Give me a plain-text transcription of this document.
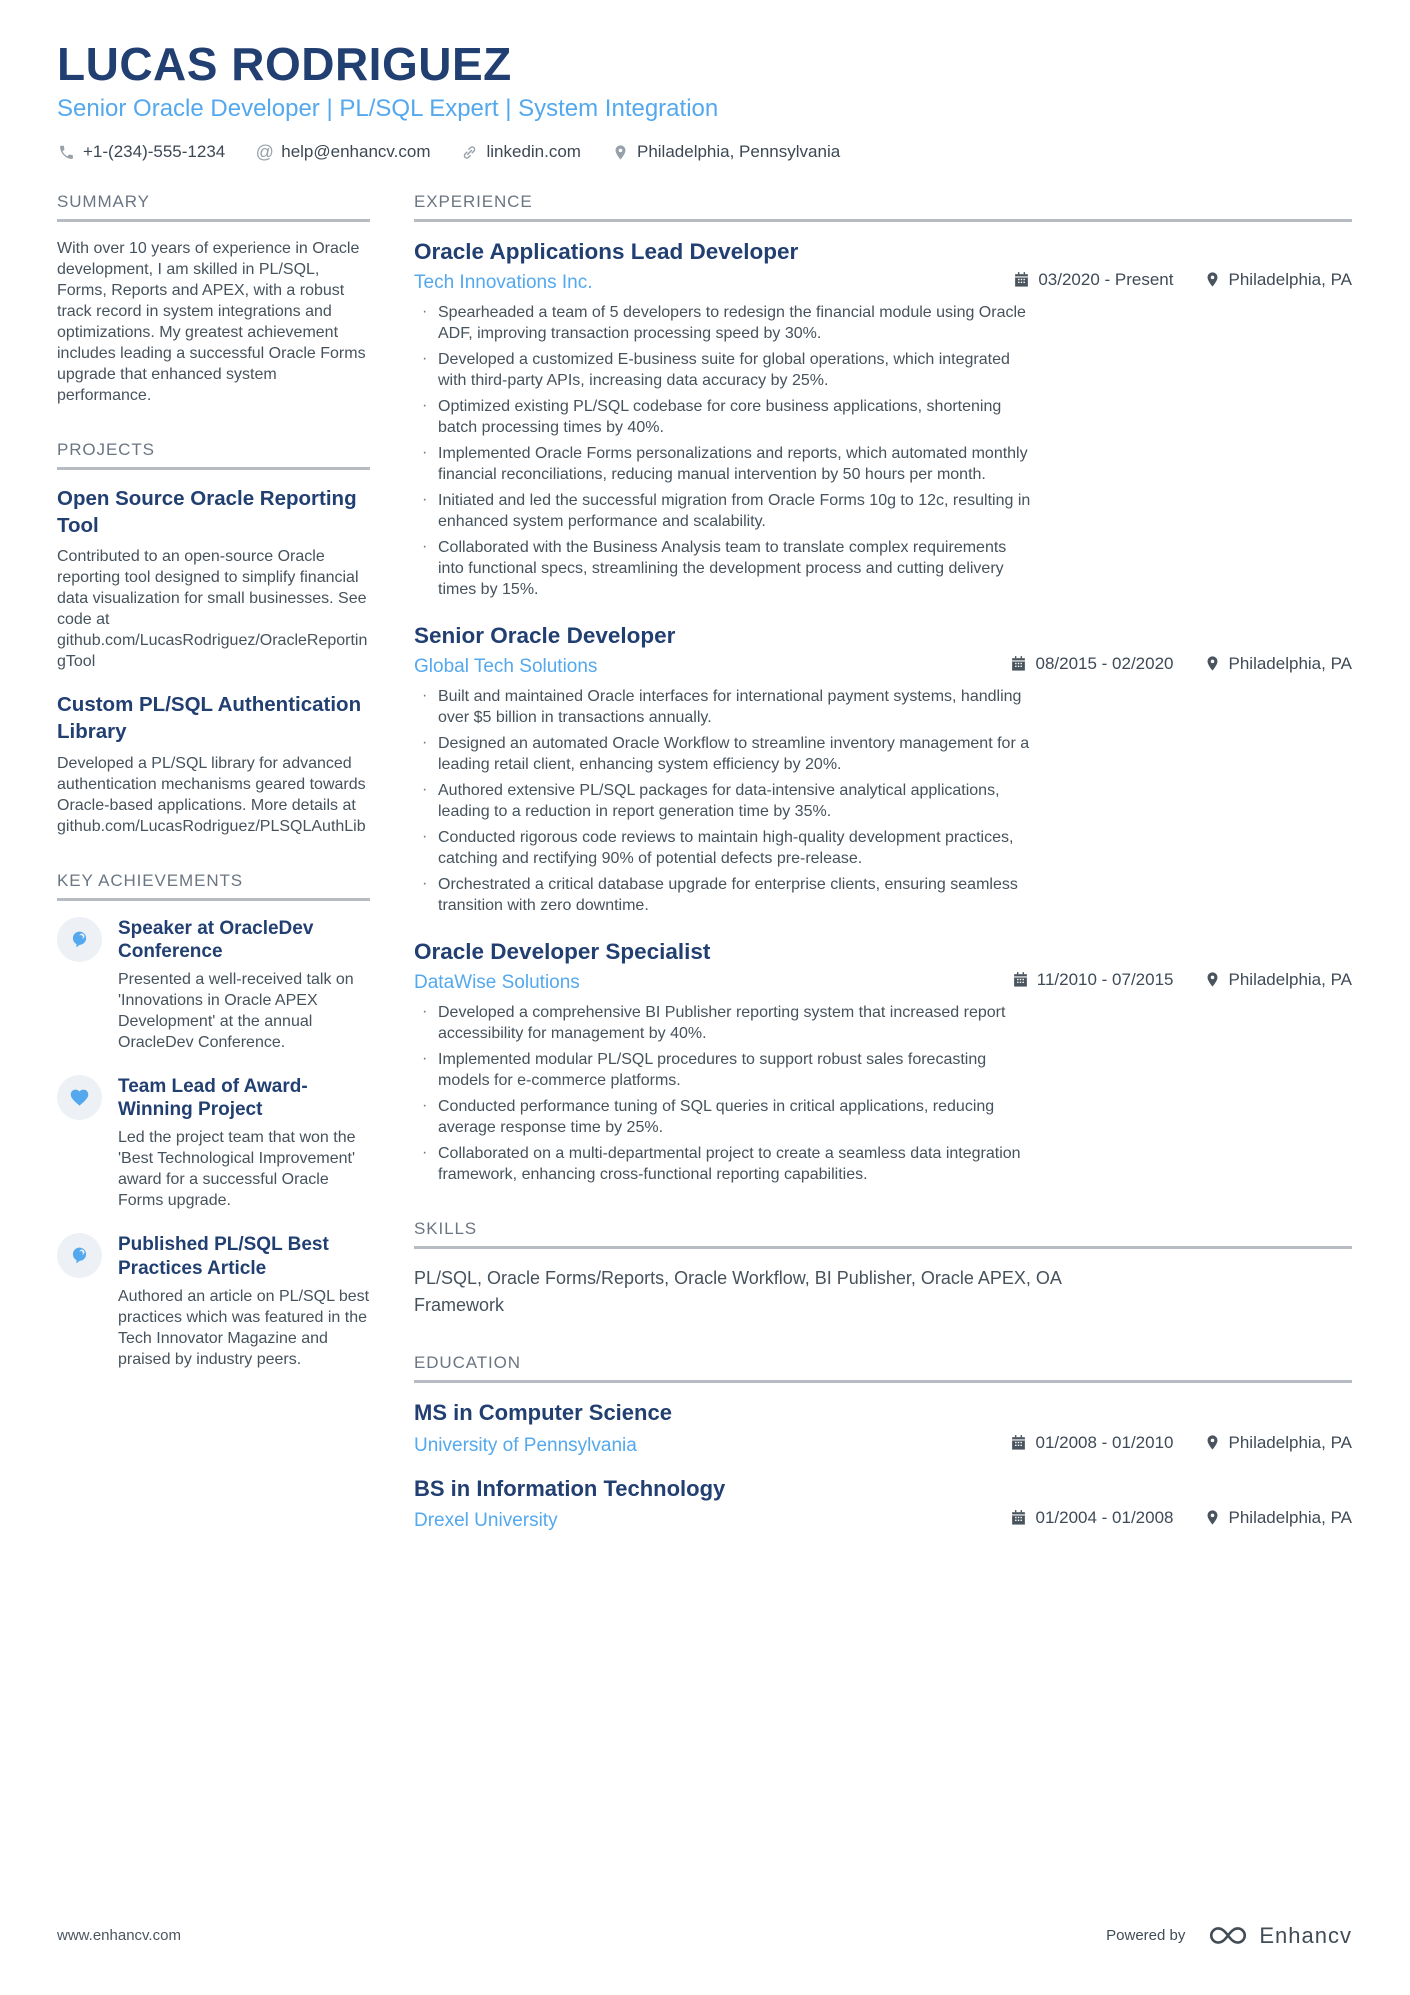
LUCAS RODRIGUEZ
Senior Oracle Developer | PL/SQL Expert | System Integration
+1-(234)-555-1234 @ help@enhancv.com	linkedin.com	Philadelphia, Pennsylvania
SUMMARY
With over 10 years of experience in Oracle development, I am skilled in PL/SQL, Forms, Reports and APEX, with a robust track record in system integrations and optimizations. My greatest achievement includes leading a successful Oracle Forms upgrade that enhanced system performance.
PROJECTS
Open Source Oracle Reporting Tool
Contributed to an open-source Oracle reporting tool designed to simplify financial data visualization for small businesses. See code at github.com/LucasRodriguez/OracleReportingTool
Custom PL/SQL Authentication Library
Developed a PL/SQL library for advanced authentication mechanisms geared towards Oracle-based applications. More details at github.com/LucasRodriguez/PLSQLAuthLib
KEY ACHIEVEMENTS
Speaker at OracleDev Conference
Presented a well-received talk on 'Innovations in Oracle APEX Development' at the annual OracleDev Conference.
Team Lead of Award-Winning Project
Led the project team that won the 'Best Technological Improvement' award for a successful Oracle Forms upgrade.
Published PL/SQL Best Practices Article
Authored an article on PL/SQL best practices which was featured in the Tech Innovator Magazine and praised by industry peers.
EXPERIENCE
Oracle Applications Lead Developer
Tech Innovations Inc.	03/2020 - Present	Philadelphia, PA
· Spearheaded a team of 5 developers to redesign the financial module using Oracle ADF, improving transaction processing speed by 30%.
· Developed a customized E-business suite for global operations, which integrated with third-party APIs, increasing data accuracy by 25%.
· Optimized existing PL/SQL codebase for core business applications, shortening batch processing times by 40%.
· Implemented Oracle Forms personalizations and reports, which automated monthly financial reconciliations, reducing manual intervention by 50 hours per month.
· Initiated and led the successful migration from Oracle Forms 10g to 12c, resulting in enhanced system performance and scalability.
· Collaborated with the Business Analysis team to translate complex requirements into functional specs, streamlining the development process and cutting delivery times by 15%.
Senior Oracle Developer
Global Tech Solutions	08/2015 - 02/2020	Philadelphia, PA
· Built and maintained Oracle interfaces for international payment systems, handling over $5 billion in transactions annually.
· Designed an automated Oracle Workflow to streamline inventory management for a leading retail client, enhancing system efficiency by 20%.
· Authored extensive PL/SQL packages for data-intensive analytical applications, leading to a reduction in report generation time by 35%.
· Conducted rigorous code reviews to maintain high-quality development practices, catching and rectifying 90% of potential defects pre-release.
· Orchestrated a critical database upgrade for enterprise clients, ensuring seamless transition with zero downtime.
Oracle Developer Specialist
DataWise Solutions	11/2010 - 07/2015	Philadelphia, PA
· Developed a comprehensive BI Publisher reporting system that increased report accessibility for management by 40%.
· Implemented modular PL/SQL procedures to support robust sales forecasting models for e-commerce platforms.
· Conducted performance tuning of SQL queries in critical applications, reducing average response time by 25%.
· Collaborated on a multi-departmental project to create a seamless data integration framework, enhancing cross-functional reporting capabilities.
SKILLS
PL/SQL, Oracle Forms/Reports, Oracle Workflow, BI Publisher, Oracle APEX, OA Framework
EDUCATION
MS in Computer Science
University of Pennsylvania	01/2008 - 01/2010	Philadelphia, PA
BS in Information Technology
Drexel University	01/2004 - 01/2008	Philadelphia, PA
www.enhancv.com	Powered by	Enhancv
